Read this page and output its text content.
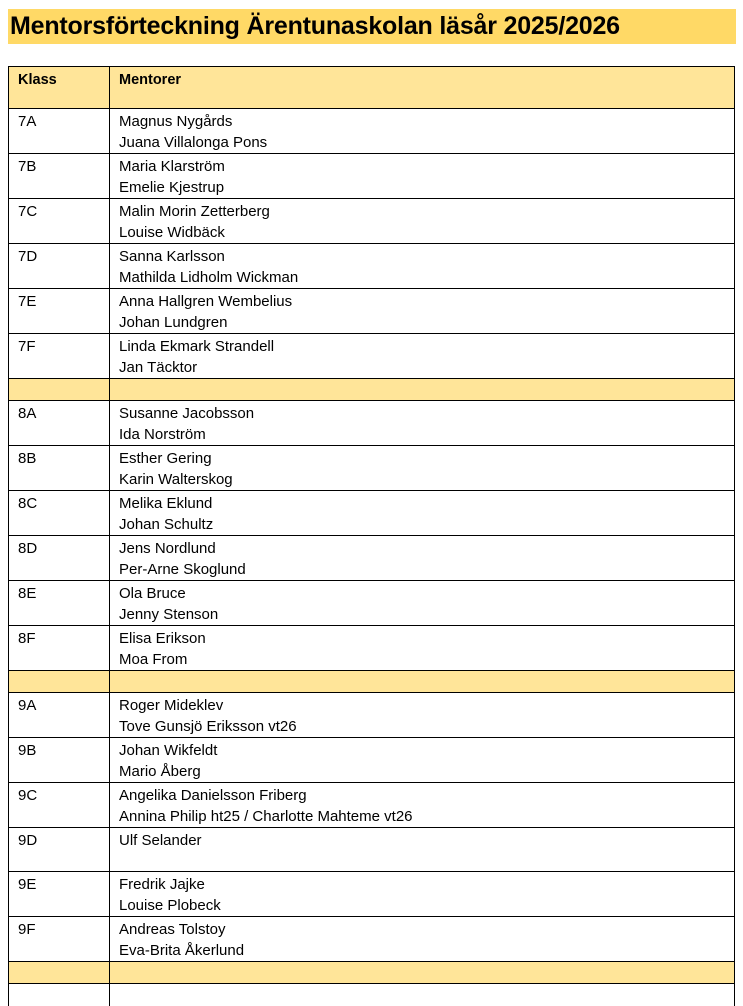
Mentorsförteckning Ärentunaskolan läsår 2025/2026
Klass	Mentorer
7A	Magnus Nygårds
Juana Villalonga Pons

7B	Maria Klarström
Emelie Kjestrup

7C	Malin Morin Zetterberg
Louise Widbäck

7D	Sanna Karlsson
Mathilda Lidholm Wickman

7E	Anna Hallgren Wembelius
Johan Lundgren

7F	Linda Ekmark Strandell
Jan Täcktor

8A	Susanne Jacobsson
Ida Norström

8B	Esther Gering
Karin Walterskog

8C	Melika Eklund
Johan Schultz

8D	Jens Nordlund
Per-Arne Skoglund

8E	Ola Bruce
Jenny Stenson

8F	Elisa Erikson
Moa From

9A	Roger Mideklev
Tove Gunsjö Eriksson vt26

9B	Johan Wikfeldt
Mario Åberg

9C	Angelika Danielsson Friberg
Annina Philip ht25 / Charlotte Mahteme vt26

9D	Ulf Selander

9E	Fredrik Jajke
Louise Plobeck

9F	Andreas Tolstoy
Eva-Brita Åkerlund
